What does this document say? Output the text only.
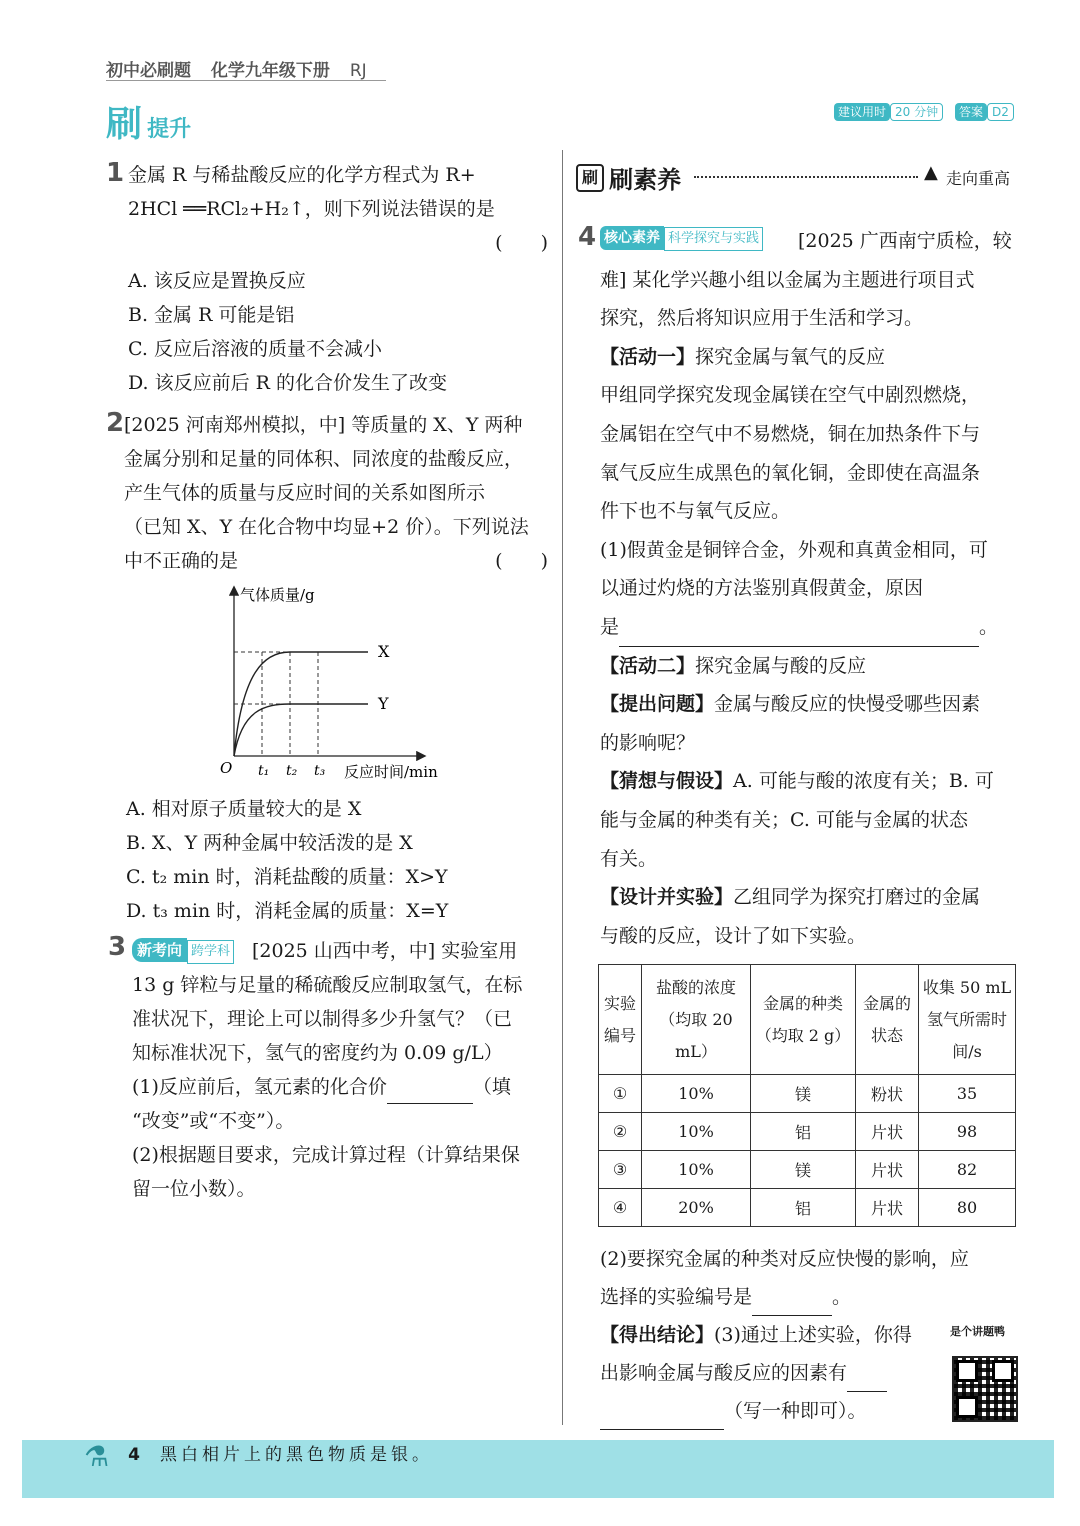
初中必刷题 化学九年级下册 RJ
刷 提升
建议用时 20 分钟 答案 D2
1 金属 R 与稀盐酸反应的化学方程式为 R+
2HCl ══RCl₂+H₂↑，则下列说法错误的是
(　　)
A. 该反应是置换反应
B. 金属 R 可能是铝
C. 反应后溶液的质量不会减小
D. 该反应前后 R 的化合价发生了改变
2 [2025 河南郑州模拟，中] 等质量的 X、Y 两种
金属分别和足量的同体积、同浓度的盐酸反应，
产生气体的质量与反应时间的关系如图所示
（已知 X、Y 在化合物中均显+2 价）。下列说法
中不正确的是	(　　)
气体质量/g
反应时间/min
O t₁ t₂ t₃
X
Y
A. 相对原子质量较大的是 X
B. X、Y 两种金属中较活泼的是 X
C. t₂ min 时，消耗盐酸的质量：X>Y
D. t₃ min 时，消耗金属的质量：X=Y
3 新考向 跨学科	[2025 山西中考，中] 实验室用
13 g 锌粒与足量的稀硫酸反应制取氢气，在标
准状况下，理论上可以制得多少升氢气？（已
知标准状况下，氢气的密度约为 0.09 g/L）
(1)反应前后，氢元素的化合价	（填
“改变”或“不变”）。
(2)根据题目要求，完成计算过程（计算结果保
留一位小数）。
刷 刷素养	▲ 走向重高
4 核心素养 科学探究与实践	[2025 广西南宁质检，较
难] 某化学兴趣小组以金属为主题进行项目式
探究，然后将知识应用于生活和学习。
【活动一】探究金属与氧气的反应
甲组同学探究发现金属镁在空气中剧烈燃烧，
金属铝在空气中不易燃烧，铜在加热条件下与
氧气反应生成黑色的氧化铜，金即使在高温条
件下也不与氧气反应。
(1)假黄金是铜锌合金，外观和真黄金相同，可
以通过灼烧的方法鉴别真假黄金，原因
是	。
【活动二】探究金属与酸的反应
【提出问题】金属与酸反应的快慢受哪些因素
的影响呢？
【猜想与假设】A. 可能与酸的浓度有关；B. 可
能与金属的种类有关；C. 可能与金属的状态
有关。
【设计并实验】乙组同学为探究打磨过的金属
与酸的反应，设计了如下实验。
实验编号	盐酸的浓度（均取 20 mL）	金属的种类（均取 2 g）	金属的状态	收集 50 mL 氢气所需时间/s
①	10%	镁	粉状	35
②	10%	铝	片状	98
③	10%	镁	片状	82
④	20%	铝	片状	80
(2)要探究金属的种类对反应快慢的影响，应
选择的实验编号是	。
【得出结论】(3)通过上述实验，你得
出影响金属与酸反应的因素有
（写一种即可）。
是个讲题鸭
⚗	4	黑白相片上的黑色物质是银。
